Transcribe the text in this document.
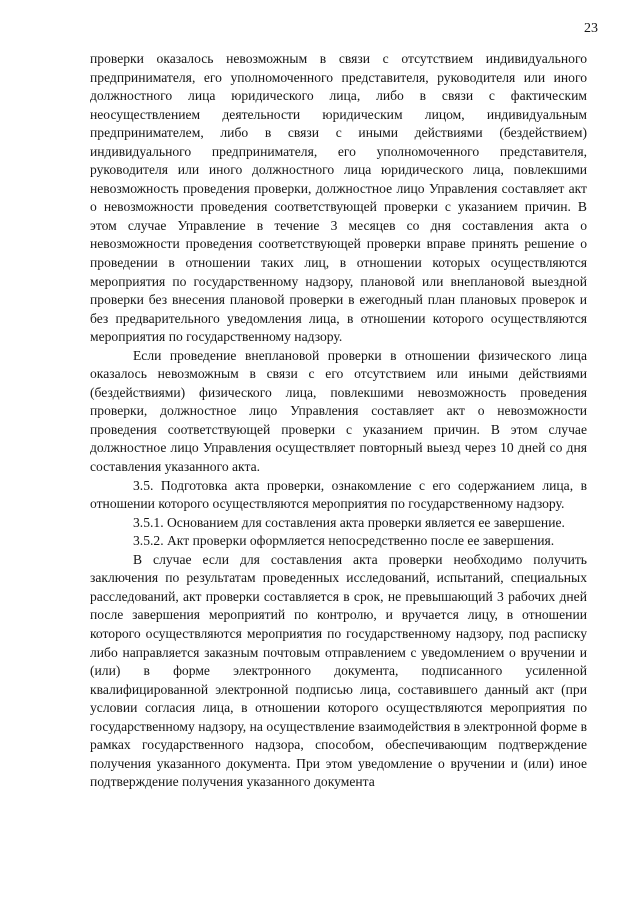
23

проверки оказалось невозможным в связи с отсутствием индивидуального предпринимателя, его уполномоченного представителя, руководителя или иного должностного лица юридического лица, либо в связи с фактическим неосуществлением деятельности юридическим лицом, индивидуальным предпринимателем, либо в связи с иными действиями (бездействием) индивидуального предпринимателя, его уполномоченного представителя, руководителя или иного должностного лица юридического лица, повлекшими невозможность проведения проверки, должностное лицо Управления составляет акт о невозможности проведения соответствующей проверки с указанием причин. В этом случае Управление в течение 3 месяцев со дня составления акта о невозможности проведения соответствующей проверки вправе принять решение о проведении в отношении таких лиц, в отношении которых осуществляются мероприятия по государственному надзору, плановой или внеплановой выездной проверки без внесения плановой проверки в ежегодный план плановых проверок и без предварительного уведомления лица, в отношении которого осуществляются мероприятия по государственному надзору.

Если проведение внеплановой проверки в отношении физического лица оказалось невозможным в связи с его отсутствием или иными действиями (бездействиями) физического лица, повлекшими невозможность проведения проверки, должностное лицо Управления составляет акт о невозможности проведения соответствующей проверки с указанием причин. В этом случае должностное лицо Управления осуществляет повторный выезд через 10 дней со дня составления указанного акта.

3.5. Подготовка акта проверки, ознакомление с его содержанием лица, в отношении которого осуществляются мероприятия по государственному надзору.

3.5.1. Основанием для составления акта проверки является ее завершение.

3.5.2. Акт проверки оформляется непосредственно после ее завершения.

В случае если для составления акта проверки необходимо получить заключения по результатам проведенных исследований, испытаний, специальных расследований, акт проверки составляется в срок, не превышающий 3 рабочих дней после завершения мероприятий по контролю, и вручается лицу, в отношении которого осуществляются мероприятия по государственному надзору, под расписку либо направляется заказным почтовым отправлением с уведомлением о вручении и (или) в форме электронного документа, подписанного усиленной квалифицированной электронной подписью лица, составившего данный акт (при условии согласия лица, в отношении которого осуществляются мероприятия по государственному надзору, на осуществление взаимодействия в электронной форме в рамках государственного надзора, способом, обеспечивающим подтверждение получения указанного документа. При этом уведомление о вручении и (или) иное подтверждение получения указанного документа
